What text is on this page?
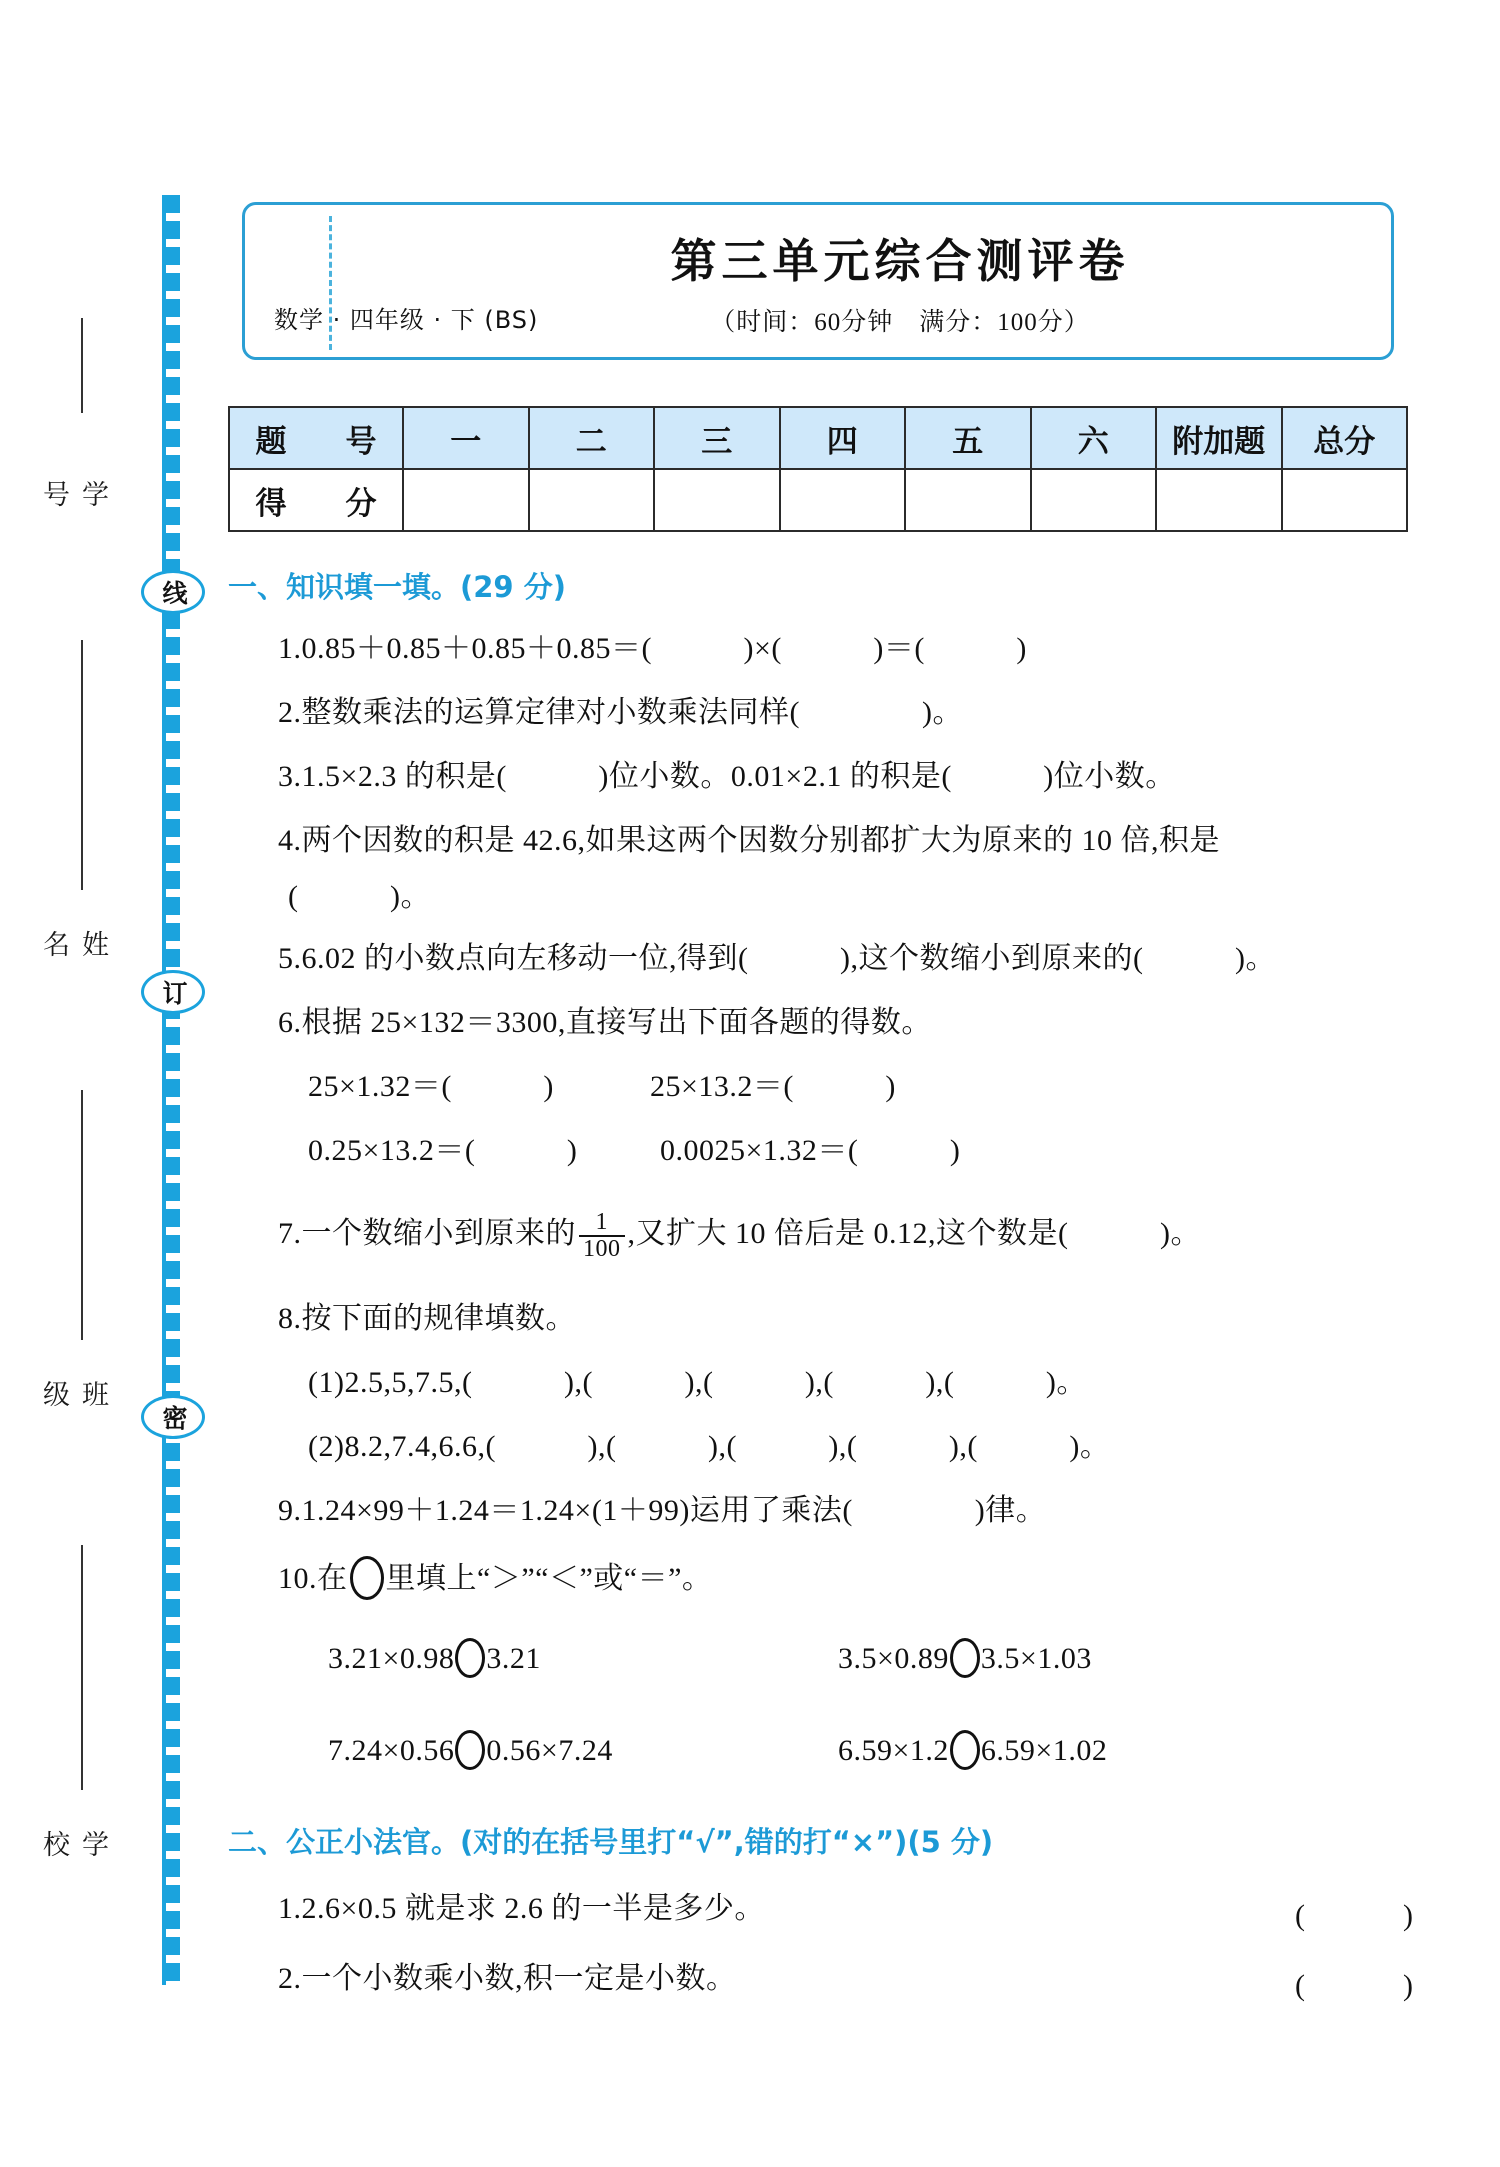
线
订
密
学 号
姓 名
班 级
学 校
数学 · 四年级 · 下 (BS)
第三单元综合测评卷
（时间：60分钟　满分：100分）
题　号	一	二	三	四	五	六	附加题	总分
得　分								
一、知识填一填。(29 分)
1.0.85＋0.85＋0.85＋0.85＝(　　　)×(　　　)＝(　　　)
2.整数乘法的运算定律对小数乘法同样(　　　　)。
3.1.5×2.3 的积是(　　　)位小数。0.01×2.1 的积是(　　　)位小数。
4.两个因数的积是 42.6,如果这两个因数分别都扩大为原来的 10 倍,积是
(　　　)。
5.6.02 的小数点向左移动一位,得到(　　　),这个数缩小到原来的(　　　)。
6.根据 25×132＝3300,直接写出下面各题的得数。
25×1.32＝(　　　)	25×13.2＝(　　　)
0.25×13.2＝(　　　)	0.0025×1.32＝(　　　)
7.一个数缩小到原来的 $\frac{1}{100}$ ,又扩大 10 倍后是 0.12,这个数是(　　　)。
8.按下面的规律填数。
(1)2.5,5,7.5,(　　　),(　　　),(　　　),(　　　),(　　　)。
(2)8.2,7.4,6.6,(　　　),(　　　),(　　　),(　　　),(　　　)。
9.1.24×99＋1.24＝1.24×(1＋99)运用了乘法(　　　　)律。
10.在 里填上“＞”“＜”或“＝”。
3.21×0.98 3.21	3.5×0.89 3.5×1.03
7.24×0.56 0.56×7.24	6.59×1.2 6.59×1.02
二、公正小法官。(对的在括号里打“√”,错的打“×”)(5 分)
1.2.6×0.5 就是求 2.6 的一半是多少。	(　　　)
2.一个小数乘小数,积一定是小数。	(　　　)
